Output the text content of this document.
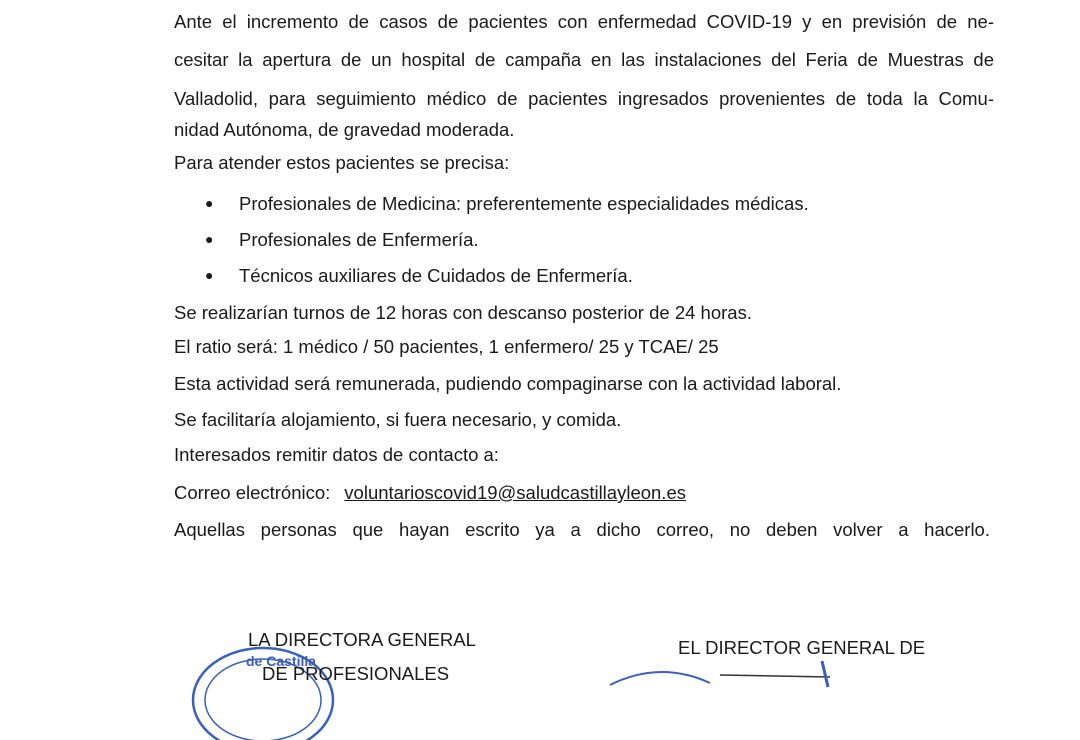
Ante el incremento de casos de pacientes con enfermedad COVID-19 y en previsión de ne-
cesitar la apertura de un hospital de campaña en las instalaciones del Feria de Muestras de
Valladolid, para seguimiento médico de pacientes ingresados provenientes de toda la Comu-
nidad Autónoma, de gravedad moderada.
Para atender estos pacientes se precisa:
● Profesionales de Medicina: preferentemente especialidades médicas.
● Profesionales de Enfermería.
● Técnicos auxiliares de Cuidados de Enfermería.
Se realizarían turnos de 12 horas con descanso posterior de 24 horas.
El ratio será: 1 médico / 50 pacientes, 1 enfermero/ 25 y TCAE/ 25
Esta actividad será remunerada, pudiendo compaginarse con la actividad laboral.
Se facilitaría alojamiento, si fuera necesario, y comida.
Interesados remitir datos de contacto a:
Correo electrónico: voluntarioscovid19@saludcastillayleon.es
Aquellas personas que hayan escrito ya a dicho correo, no deben volver a hacerlo.
de Castilla
LA DIRECTORA GENERAL
DE PROFESIONALES
EL DIRECTOR GENERAL DE
